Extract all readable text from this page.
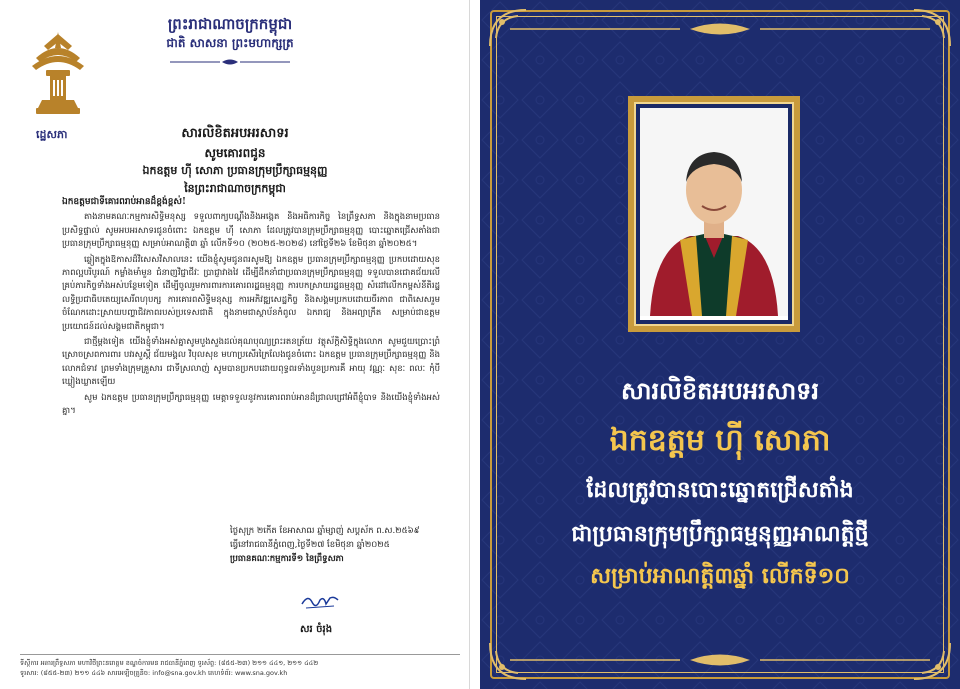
ព្រះរាជាណាចក្រកម្ពុជា
ជាតិ សាសនា ព្រះមហាក្សត្រ
ដ្ឋេសភា	សារលិខិតអបអរសាទរ
សូមគោរពជូន
ឯកឧត្តម ហ៊ី សោភា ប្រធានក្រុមប្រឹក្សាធម្មនុញ្ញ
នៃព្រះរាជាណាចក្រកម្ពុជា
ឯកឧត្តមជាទីគោរពរាប់អានដ៏ខ្ពង់ខ្ពស់!

តាងនាមគណៈកម្មការសិទ្ធិមនុស្ស ទទួលពាក្យបណ្តឹងនិងអង្កេត និងអធិការកិច្ច នៃព្រឹទ្ធសភា និងក្នុងនាមប្រធានប្រសិទ្ធផ្ទាល់ សូមអបអរសាទរជូនចំពោះ ឯកឧត្តម ហ៊ី សោភា ដែលត្រូវបានក្រុមប្រឹក្សាធម្មនុញ្ញ បោះឆ្នោតជ្រើសតាំងជាប្រធានក្រុមប្រឹក្សាធម្មនុញ្ញ សម្រាប់អាណត្តិ៣ ឆ្នាំ លើកទី១០ (២០២៥-២០២៨) នៅថ្ងៃទី២៦ ខែមិថុនា ឆ្នាំ២០២៥។

ឆ្លៀតក្នុងឱកាសដ៏វិសេសវិសាលនេះ យើងខ្ញុំសូមជូនពរសូមឱ្យ ឯកឧត្តម ប្រធានក្រុមប្រឹក្សាធម្មនុញ្ញ ប្រកបដោយសុខភាពល្អបរិបូរណ៍ កម្លាំងមាំមួន ជំនាញវិជ្ជាជីវៈ ប្រាជ្ញាវាងវៃ ដើម្បីដឹកនាំជាប្រធានក្រុមប្រឹក្សាធម្មនុញ្ញ ទទួលបានជោគជ័យលើគ្រប់ភារកិច្ចទាំងអស់បន្ថែមទៀត ដើម្បីចូលរួមការពារការគោរពរដ្ឋធម្មនុញ្ញ ការបកស្រាយរដ្ឋធម្មនុញ្ញ សំដៅលើកកម្ពស់នីតិរដ្ឋ លទ្ធិប្រជាធិបតេយ្យសេរីពហុបក្ស ការគោរពសិទ្ធិមនុស្ស ការអភិវឌ្ឍសេដ្ឋកិច្ច និងសង្គមប្រកបដោយចីរភាព ជាពិសេសរួមចំណែកដោះស្រាយបញ្ហាជិវភាពរបស់ប្រទេសជាតិ ក្នុងនាមជាស្ថាប័នកំពូល ឯករាជ្យ និងអព្យាក្រឹត សម្រាប់ជាឧត្តមប្រយោជន៍ដល់សង្គមជាតិកម្ពុជា។

ជាថ្មីម្តងទៀត យើងខ្ញុំទាំងអស់គ្នាសូមបួងសួងដល់គុណបុណ្យព្រះរតនត្រ័យ វត្ថុស័ក្តិសិទ្ធិក្នុងលោក សូមជួយប្រោះព្រំស្រោចស្រពការពារ បវរសួស្តី ជ័យមង្គល វិបុលសុខ មហាប្រសើរក្រៃលែងជូនចំពោះ ឯកឧត្តម ប្រធានក្រុមប្រឹក្សាធម្មនុញ្ញ និងលោកជំទាវ ព្រមទាំងក្រុមគ្រួសារ ជាទីស្រលាញ់ សូមបានប្រកបដោយពុទ្ធពរទាំងបួនប្រការគឺ អាយុ វណ្ណៈ សុខៈ ពលៈ កុំបីឃ្លៀងឃ្លាតឡើយ

សូម ឯកឧត្តម ប្រធានក្រុមប្រឹក្សាធម្មនុញ្ញ មេត្តាទទួលនូវការគោរពរាប់អានដ៏ជ្រាលជ្រៅអំពីខ្ញុំបាទ និងយើងខ្ញុំទាំងអស់គ្នា។

ថ្ងៃសុក្រ ២កើត ខែអាសាឍ ឆ្នាំម្សាញ់ សប្តស័ក ព.ស.២៥៦៩
ធ្វើនៅរាជធានីភ្នំពេញ,ថ្ងៃទី២៧ ខែមិថុនា ឆ្នាំ២០២៥
ប្រធានគណៈកម្មការទី១ នៃព្រឹទ្ធសភា
សរ ចំរុង
ទីស្តីការ អគារព្រឹទ្ធសភា មហាវិថីព្រះនរោត្តម ខណ្ឌចំការមន រាជធានីភ្នំពេញ ទូរស័ព្ទ: (៨៥៥-២៣) ២១១ ៤៤១, ២១១ ៤៤២
ទូរសារ: (៨៥៥-២៣) ២១១ ៤៤៦ សារអេឡិចត្រូនិច: info@sna.gov.kh គេហទំព័រ: www.sna.gov.kh
សារលិខិតអបអរសាទរ
ឯកឧត្តម ហ៊ី សោភា
ដែលត្រូវបានបោះឆ្នោតជ្រើសតាំង
ជាប្រធានក្រុមប្រឹក្សាធម្មនុញ្ញអាណត្តិថ្មី
សម្រាប់អាណត្តិ៣ឆ្នាំ លើកទី១០
